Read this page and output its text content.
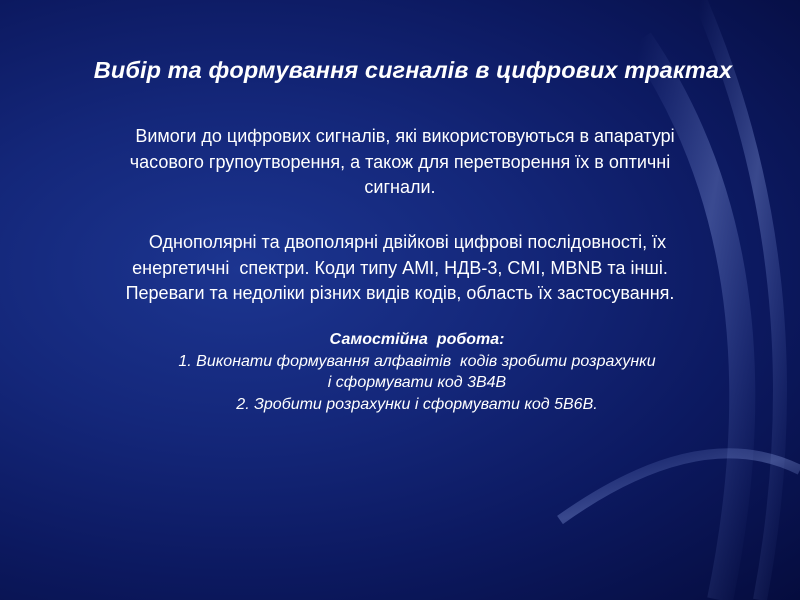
Вибір та формування сигналів в цифрових трактах
Вимоги до цифрових сигналів, які використовуються в апаратурі
часового групоутворення, а також для перетворення їх в оптичні
сигнали.
Однополярні та двополярні двійкові цифрові послідовності, їх
енергетичні  спектри. Коди типу AMI, НДВ-3, CMI, MBNB та інші.
Переваги та недоліки різних видів кодів, область їх застосування.
Самостійна  робота:
1. Виконати формування алфавітів  кодів зробити розрахунки
і сформувати код 3B4B
2. Зробити розрахунки і сформувати код 5B6B.
